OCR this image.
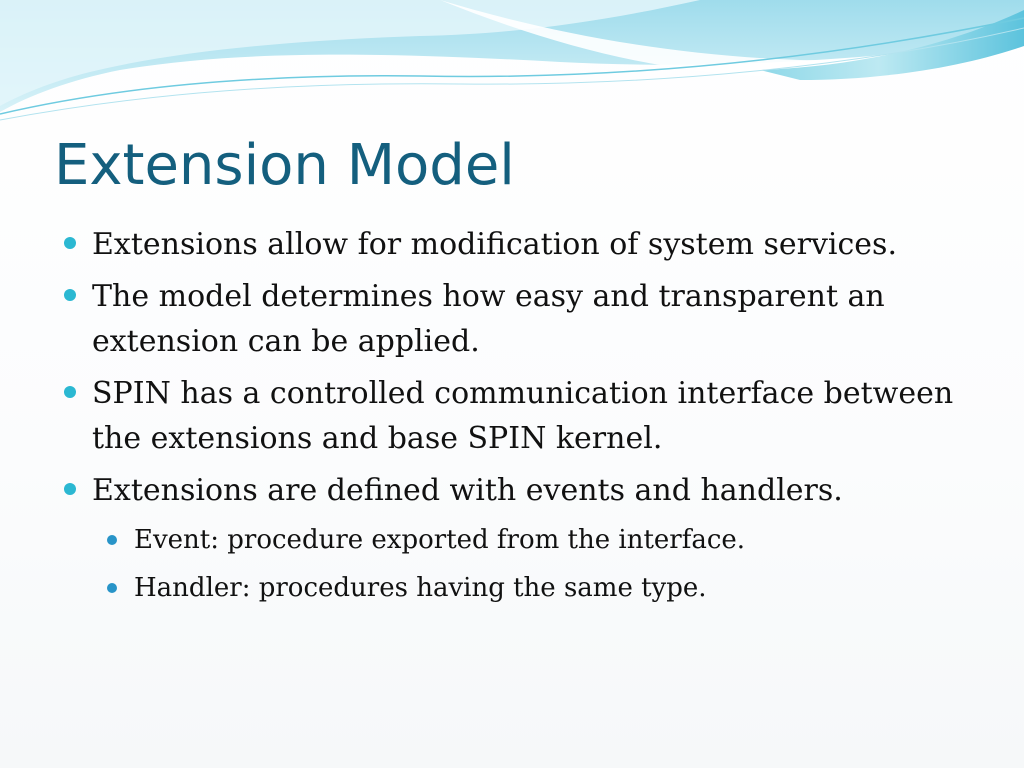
Extension Model
Extensions allow for modification of system services.
The model determines how easy and transparent an extension can be applied.
SPIN has a controlled communication interface between the extensions and base SPIN kernel.
Extensions are defined with events and handlers.
Event: procedure exported from the interface.
Handler: procedures having the same type.
